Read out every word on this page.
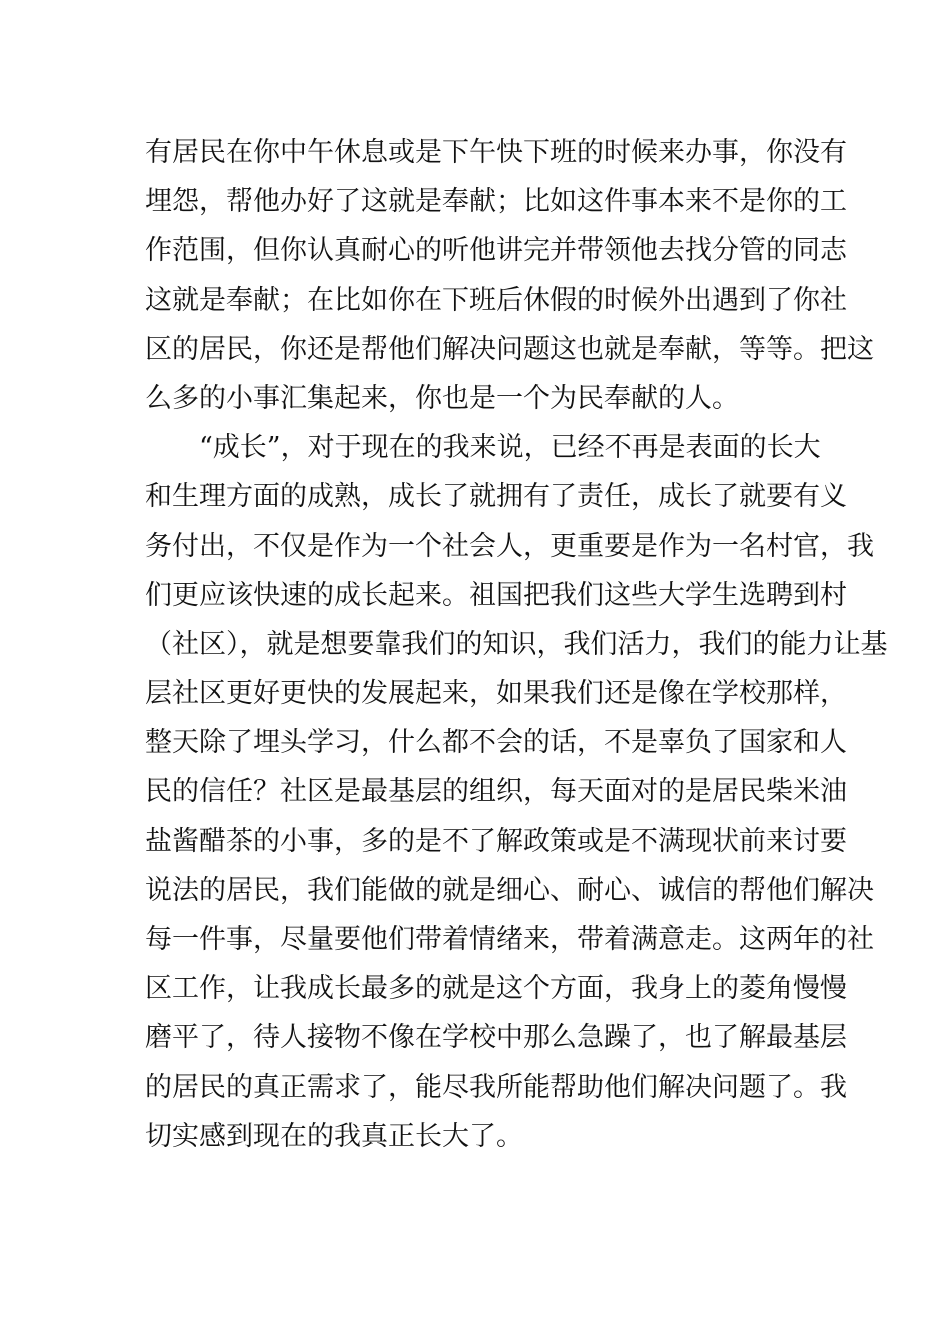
有居民在你中午休息或是下午快下班的时候来办事，你没有
埋怨，帮他办好了这就是奉献；比如这件事本来不是你的工
作范围，但你认真耐心的听他讲完并带领他去找分管的同志
这就是奉献；在比如你在下班后休假的时候外出遇到了你社
区的居民，你还是帮他们解决问题这也就是奉献，等等。把这
么多的小事汇集起来，你也是一个为民奉献的人。
“成长”，对于现在的我来说，已经不再是表面的长大
和生理方面的成熟，成长了就拥有了责任，成长了就要有义
务付出，不仅是作为一个社会人，更重要是作为一名村官，我
们更应该快速的成长起来。祖国把我们这些大学生选聘到村
（社区），就是想要靠我们的知识，我们活力，我们的能力让基
层社区更好更快的发展起来，如果我们还是像在学校那样，
整天除了埋头学习，什么都不会的话，不是辜负了国家和人
民的信任？社区是最基层的组织，每天面对的是居民柴米油
盐酱醋茶的小事，多的是不了解政策或是不满现状前来讨要
说法的居民，我们能做的就是细心、耐心、诚信的帮他们解决
每一件事，尽量要他们带着情绪来，带着满意走。这两年的社
区工作，让我成长最多的就是这个方面，我身上的菱角慢慢
磨平了，待人接物不像在学校中那么急躁了，也了解最基层
的居民的真正需求了，能尽我所能帮助他们解决问题了。我
切实感到现在的我真正长大了。
